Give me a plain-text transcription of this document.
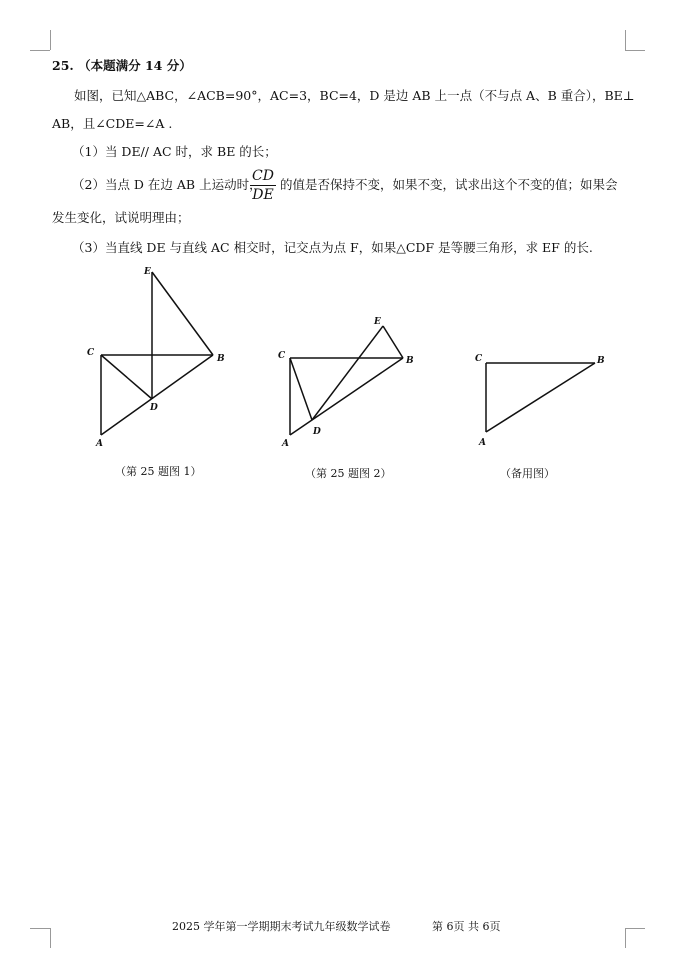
25. （本题满分 14 分）
如图，已知△ABC，∠ACB=90°，AC=3，BC=4，D 是边 AB 上一点（不与点 A、B 重合），BE⊥
AB，且∠CDE=∠A .
（1）当 DE// AC 时，求 BE 的长；
（2）当点 D 在边 AB 上运动时，
$\frac{CD}{DE}$ 的值是否保持不变，如果不变，试求出这个不变的值；如果会
发生变化，试说明理由；
（3）当直线 DE 与直线 AC 相交时，记交点为点 F，如果△CDF 是等腰三角形，求 EF 的长.
E
C
B
D
A
（第 25 题图 1）
E
C	B
D
A
（第 25 题图 2）
C	B
A
（备用图）
2025 学年第一学期期末考试九年级数学试卷	第 6页 共 6页
